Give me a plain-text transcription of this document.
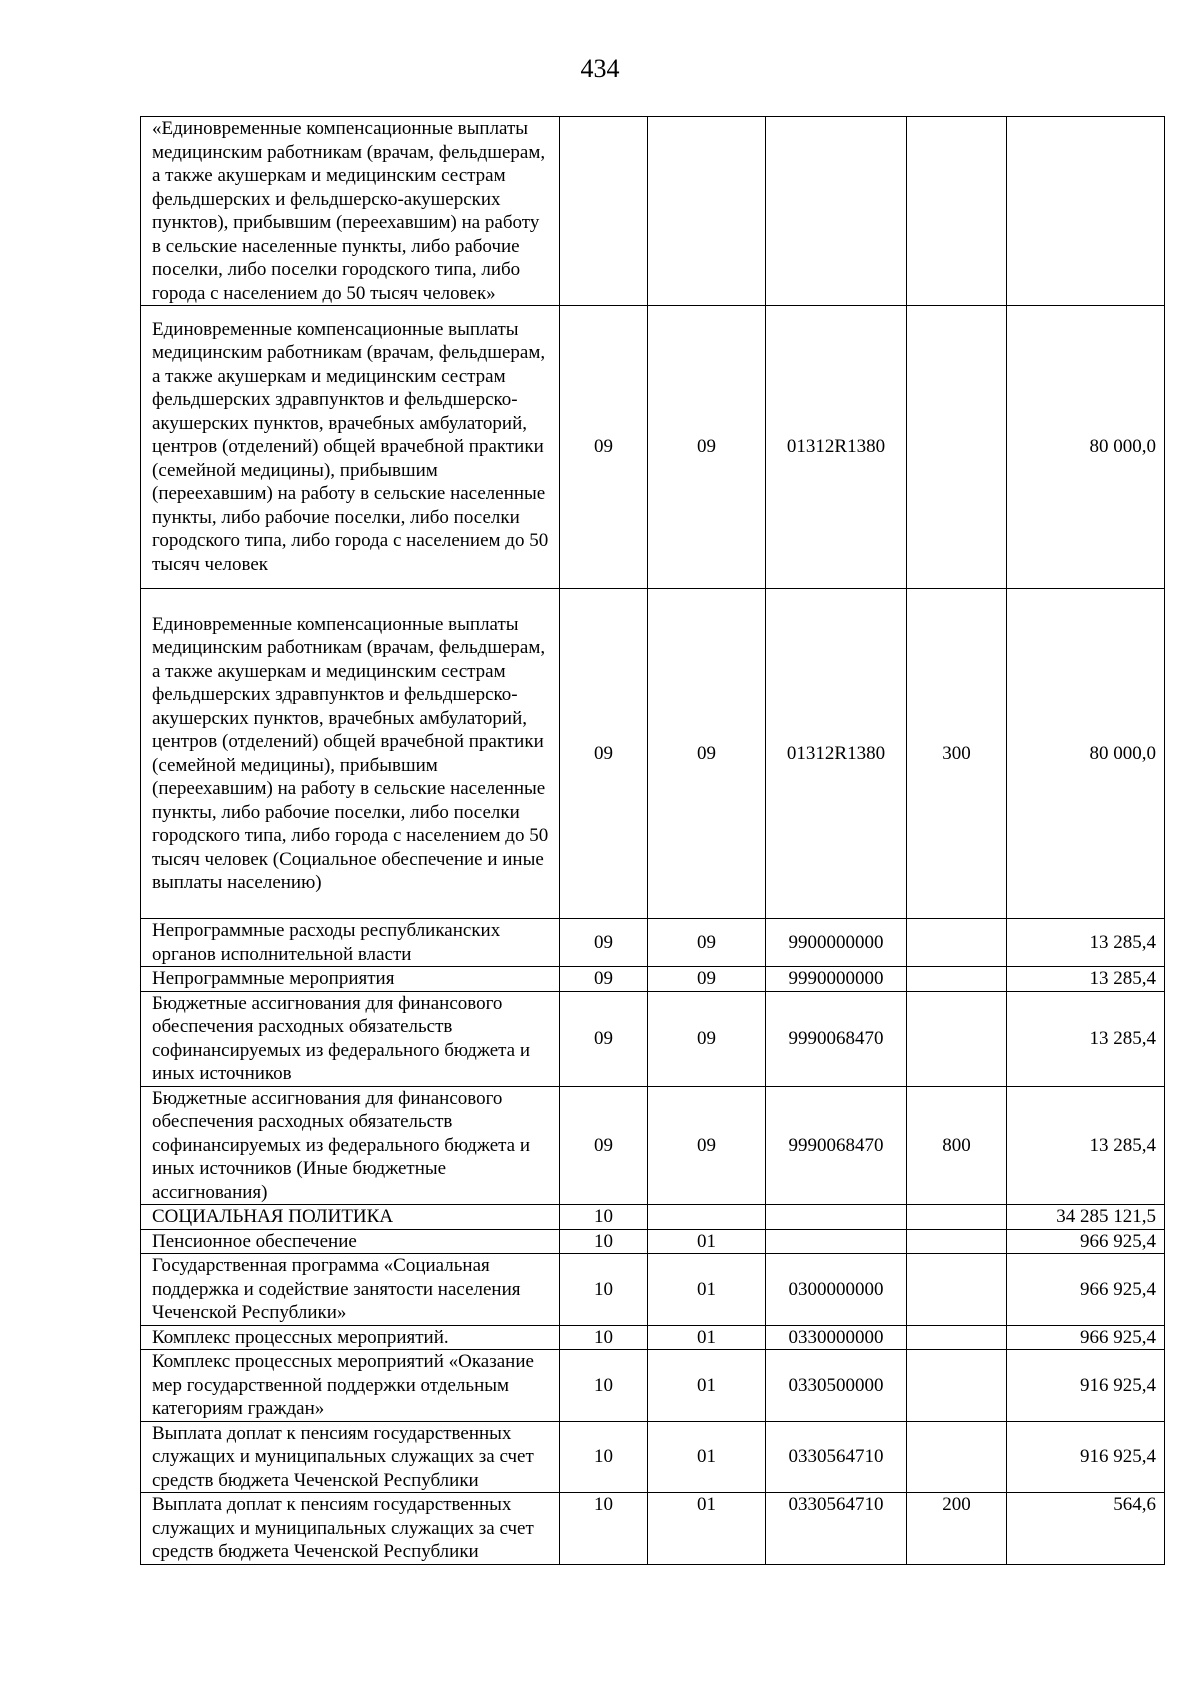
434
«Единовременные компенсационные выплаты медицинским работникам (врачам, фельдшерам, а также акушеркам и медицинским сестрам фельдшерских и фельдшерско-акушерских пунктов), прибывшим (переехавшим) на работу в сельские населенные пункты, либо рабочие поселки, либо поселки городского типа, либо города с населением до 50 тысяч человек»					
Единовременные компенсационные выплаты медицинским работникам (врачам, фельдшерам, а также акушеркам и медицинским сестрам фельдшерских здравпунктов и фельдшерско-акушерских пунктов, врачебных амбулаторий, центров (отделений) общей врачебной практики (семейной медицины), прибывшим (переехавшим) на работу в сельские населенные пункты, либо рабочие поселки, либо поселки городского типа, либо города с населением до 50 тысяч человек	09	09	01312R1380		80 000,0
Единовременные компенсационные выплаты медицинским работникам (врачам, фельдшерам, а также акушеркам и медицинским сестрам фельдшерских здравпунктов и фельдшерско-акушерских пунктов, врачебных амбулаторий, центров (отделений) общей врачебной практики (семейной медицины), прибывшим (переехавшим) на работу в сельские населенные пункты, либо рабочие поселки, либо поселки городского типа, либо города с населением до 50 тысяч человек (Социальное обеспечение и иные выплаты населению)	09	09	01312R1380	300	80 000,0
Непрограммные расходы республиканских органов исполнительной власти	09	09	9900000000		13 285,4
Непрограммные мероприятия	09	09	9990000000		13 285,4
Бюджетные ассигнования для финансового обеспечения расходных обязательств софинансируемых из федерального бюджета и иных источников	09	09	9990068470		13 285,4
Бюджетные ассигнования для финансового обеспечения расходных обязательств софинансируемых из федерального бюджета и иных источников (Иные бюджетные ассигнования)	09	09	9990068470	800	13 285,4
СОЦИАЛЬНАЯ ПОЛИТИКА	10				34 285 121,5
Пенсионное обеспечение	10	01			966 925,4
Государственная программа «Социальная поддержка и содействие занятости населения Чеченской Республики»	10	01	0300000000		966 925,4
Комплекс процессных мероприятий.	10	01	0330000000		966 925,4
Комплекс процессных мероприятий «Оказание мер государственной поддержки отдельным категориям граждан»	10	01	0330500000		916 925,4
Выплата доплат к пенсиям государственных служащих и муниципальных служащих за счет средств бюджета Чеченской Республики	10	01	0330564710		916 925,4
Выплата доплат к пенсиям государственных служащих и муниципальных служащих за счет средств бюджета Чеченской Республики	10	01	0330564710	200	564,6
